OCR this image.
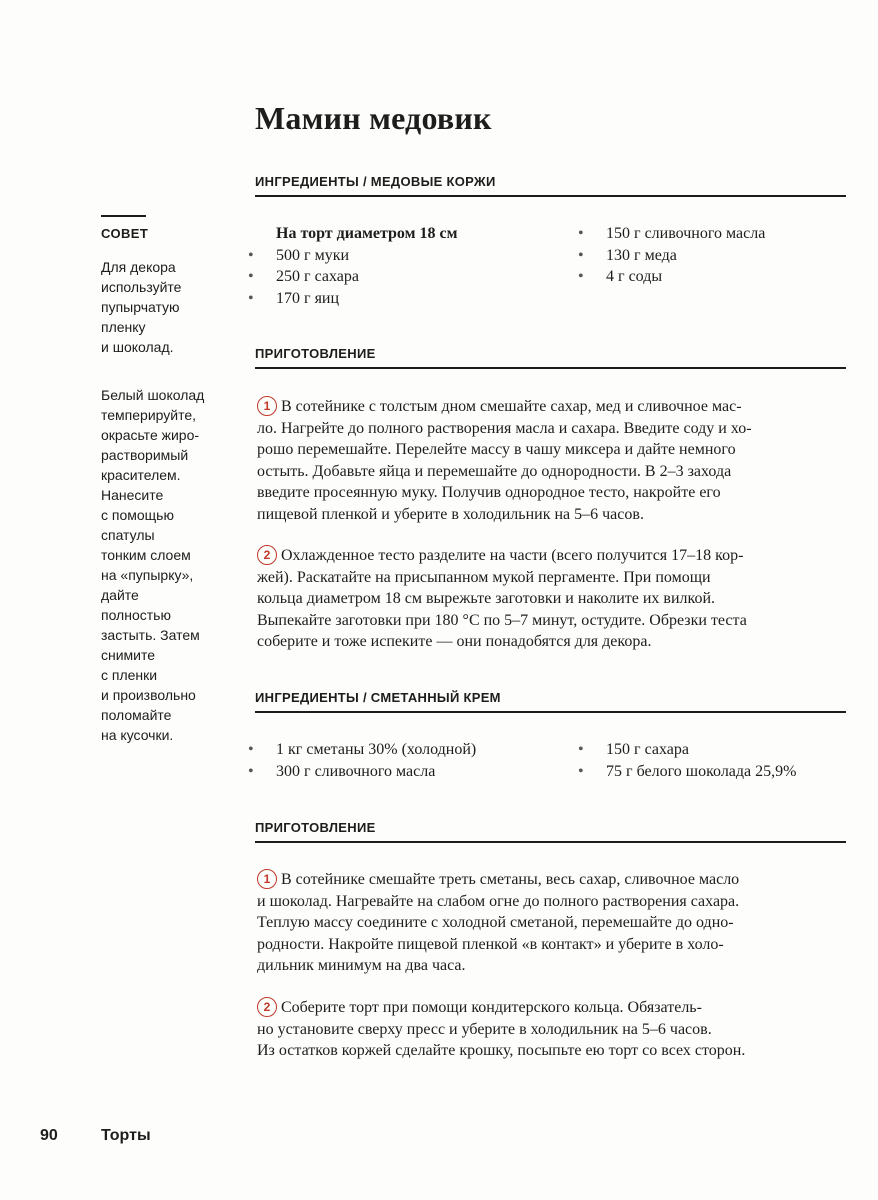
Мамин медовик
ИНГРЕДИЕНТЫ / МЕДОВЫЕ КОРЖИ
СОВЕТ

Для декора
используйте
пупырчатую
пленку
и шоколад.

Белый шоколад
темперируйте,
окрасьте жиро-
растворимый
красителем.
Нанесите
с помощью
спатулы
тонким слоем
на «пупырку»,
дайте
полностью
застыть. Затем
снимите
с пленки
и произвольно
поломайте
на кусочки.

На торт диаметром 18 см
• 500 г муки
• 250 г сахара
• 170 г яиц
• 150 г сливочного масла
• 130 г меда
• 4 г соды
ПРИГОТОВЛЕНИЕ
1 В сотейнике с толстым дном смешайте сахар, мед и сливочное мас-
ло. Нагрейте до полного растворения масла и сахара. Введите соду и хо-
рошо перемешайте. Перелейте массу в чашу миксера и дайте немного
остыть. Добавьте яйца и перемешайте до однородности. В 2–3 захода
введите просеянную муку. Получив однородное тесто, накройте его
пищевой пленкой и уберите в холодильник на 5–6 часов.
2 Охлажденное тесто разделите на части (всего получится 17–18 кор-
жей). Раскатайте на присыпанном мукой пергаменте. При помощи
кольца диаметром 18 см вырежьте заготовки и наколите их вилкой.
Выпекайте заготовки при 180 °С по 5–7 минут, остудите. Обрезки теста
соберите и тоже испеките — они понадобятся для декора.
ИНГРЕДИЕНТЫ / СМЕТАННЫЙ КРЕМ
• 1 кг сметаны 30% (холодной)
• 300 г сливочного масла
• 150 г сахара
• 75 г белого шоколада 25,9%
ПРИГОТОВЛЕНИЕ
1 В сотейнике смешайте треть сметаны, весь сахар, сливочное масло
и шоколад. Нагревайте на слабом огне до полного растворения сахара.
Теплую массу соедините с холодной сметаной, перемешайте до одно-
родности. Накройте пищевой пленкой «в контакт» и уберите в холо-
дильник минимум на два часа.
2 Соберите торт при помощи кондитерского кольца. Обязатель-
но установите сверху пресс и уберите в холодильник на 5–6 часов.
Из остатков коржей сделайте крошку, посыпьте ею торт со всех сторон.
90	Торты
